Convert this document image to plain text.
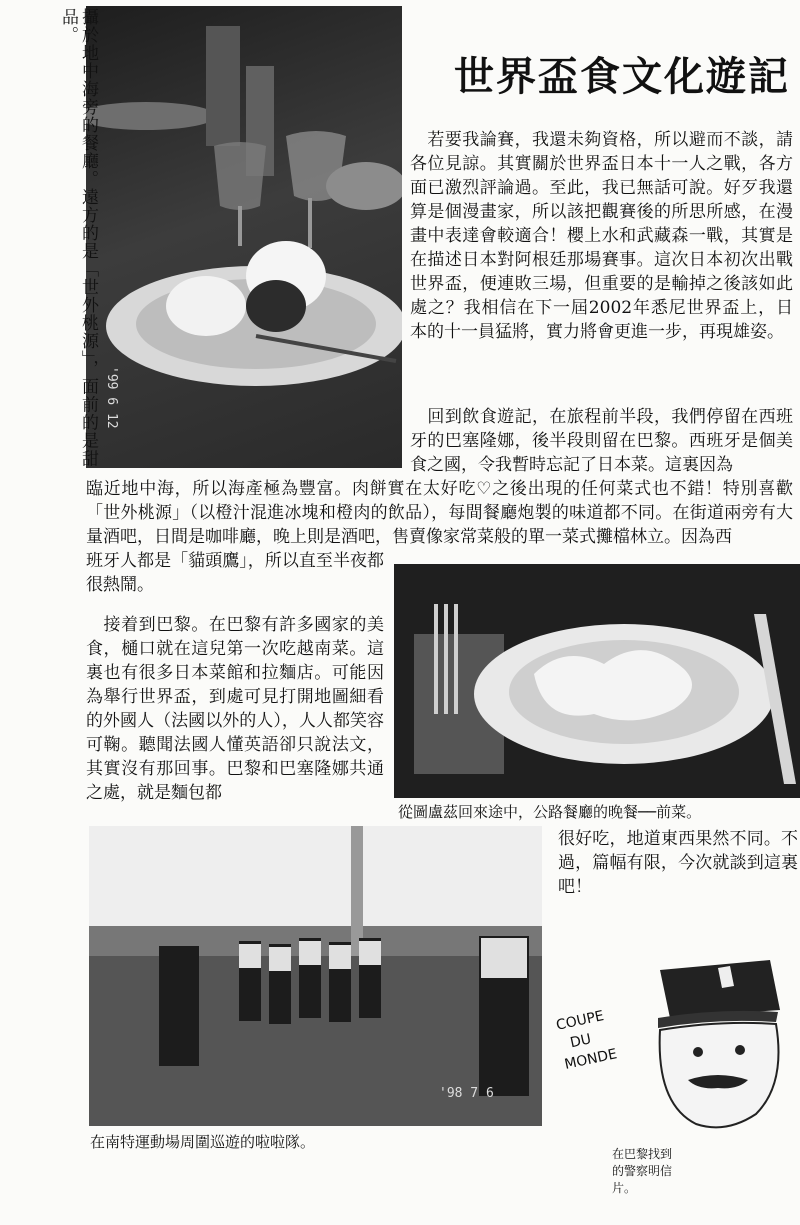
'99 6 12
攝於地中海旁的餐廳。遠方的是「世外桃源」，面前的是甜品。
世界盃食文化遊記

　若要我論賽，我還未夠資格，所以避而不談，請各位見諒。其實關於世界盃日本十一人之戰，各方面已激烈評論過。至此，我已無話可說。好歹我還算是個漫畫家，所以該把觀賽後的所思所感，在漫畫中表達會較適合！櫻上水和武藏森一戰，其實是在描述日本對阿根廷那場賽事。這次日本初次出戰世界盃，便連敗三場，但重要的是輸掉之後該如此處之？我相信在下一屆2002年悉尼世界盃上，日本的十一員猛將，實力將會更進一步，再現雄姿。

　回到飲食遊記，在旅程前半段，我們停留在西班牙的巴塞隆娜，後半段則留在巴黎。西班牙是個美食之國，令我暫時忘記了日本菜。這裏因為

臨近地中海，所以海產極為豐富。肉餅實在太好吃♡之後出現的任何菜式也不錯！特別喜歡「世外桃源」（以橙汁混進冰塊和橙肉的飲品），每間餐廳炮製的味道都不同。在街道兩旁有大量酒吧，日間是咖啡廳，晚上則是酒吧，售賣像家常菜般的單一菜式攤檔林立。因為西

班牙人都是「貓頭鷹」，所以直至半夜都很熱鬧。

　接着到巴黎。在巴黎有許多國家的美食，樋口就在這兒第一次吃越南菜。這裏也有很多日本菜館和拉麵店。可能因為舉行世界盃，到處可見打開地圖細看的外國人（法國以外的人），人人都笑容可鞠。聽聞法國人懂英語卻只說法文，其實沒有那回事。巴黎和巴塞隆娜共通之處，就是麵包都

從圖盧茲回來途中，公路餐廳的晚餐──前菜。

很好吃，地道東西果然不同。不過，篇幅有限，今次就談到這裏吧！

'98 7 6
在南特運動場周圍巡遊的啦啦隊。
COUPE
DU
MONDE
在巴黎找到的警察明信片。
